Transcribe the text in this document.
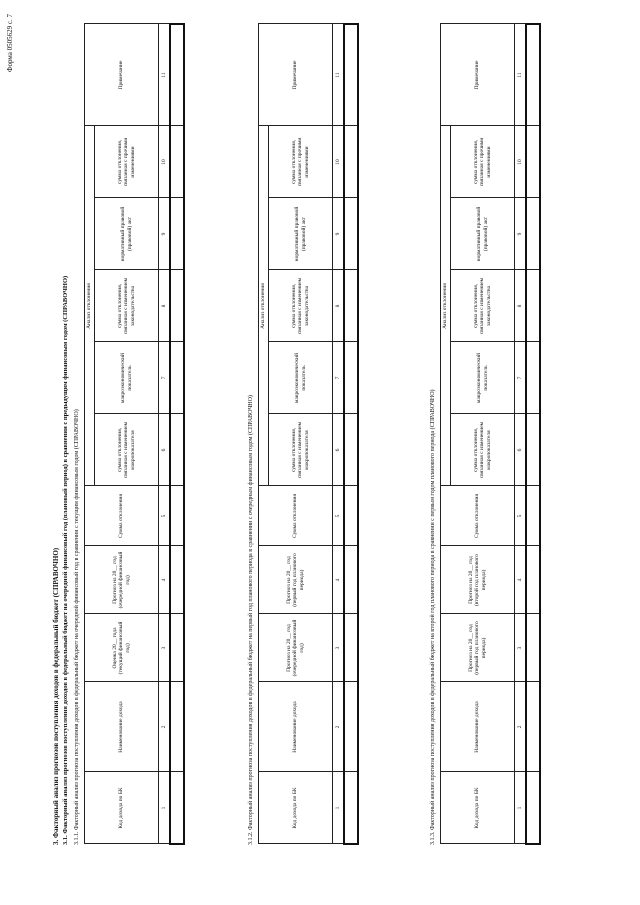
Форма 0505629 с. 7
3. Факторный анализ прогнозов поступления доходов в федеральный бюджет (СПРАВОЧНО) 3.1. Факторный анализ прогнозов поступления доходов в федеральный бюджет на очередной финансовый год (плановый период) в сравнении с предыдущим финансовым годом (СПРАВОЧНО) 3.1.1. Факторный анализ прогноза поступления доходов в федеральный бюджет на очередной финансовый год в сравнении с текущим финансовым годом (СПРАВОЧНО)	Код дохода по БК	Наименование дохода	Оценка 20__ года (текущий финансовый год)	Прогноз на 20__ год (очередной финансовый год)	Сумма отклонения	Анализ отклонения					Примечание
					сумма отклонения, связанная с изменением макропоказателя	макроэкономический показатель	сумма отклонения, связанная с изменением законодательства	нормативный правовой (правовой) акт	сумма отклонения, связанная с прочими изменениями	
1	2	3	4	5	6	7	8	9	10	11

3.1.2. Факторный анализ прогноза поступления доходов в федеральный бюджет на первый год планового периода в сравнении с очередным финансовым годом (СПРАВОЧНО)	Код дохода по БК	Наименование дохода	Прогноз на 20__ год (очередной финансовый год)	Прогноз на 20__ год (первый год планового периода)	Сумма отклонения	Анализ отклонения					Примечание
					сумма отклонения, связанная с изменением макропоказателя	макроэкономический показатель	сумма отклонения, связанная с изменением законодательства	нормативный правовой (правовой) акт	сумма отклонения, связанная с прочими изменениями	
1	2	3	4	5	6	7	8	9	10	11

3.1.3. Факторный анализ прогноза поступления доходов в федеральный бюджет на второй год планового периода в сравнении с первым годом планового периода (СПРАВОЧНО)	Код дохода по БК	Наименование дохода	Прогноз на 20__ год (первый год планового периода)	Прогноз на 20__ год (второй год планового периода)	Сумма отклонения	Анализ отклонения					Примечание
					сумма отклонения, связанная с изменением макропоказателя	макроэкономический показатель	сумма отклонения, связанная с изменением законодательства	нормативный правовой (правовой) акт	сумма отклонения, связанная с прочими изменениями	
1	2	3	4	5	6	7	8	9	10	11
